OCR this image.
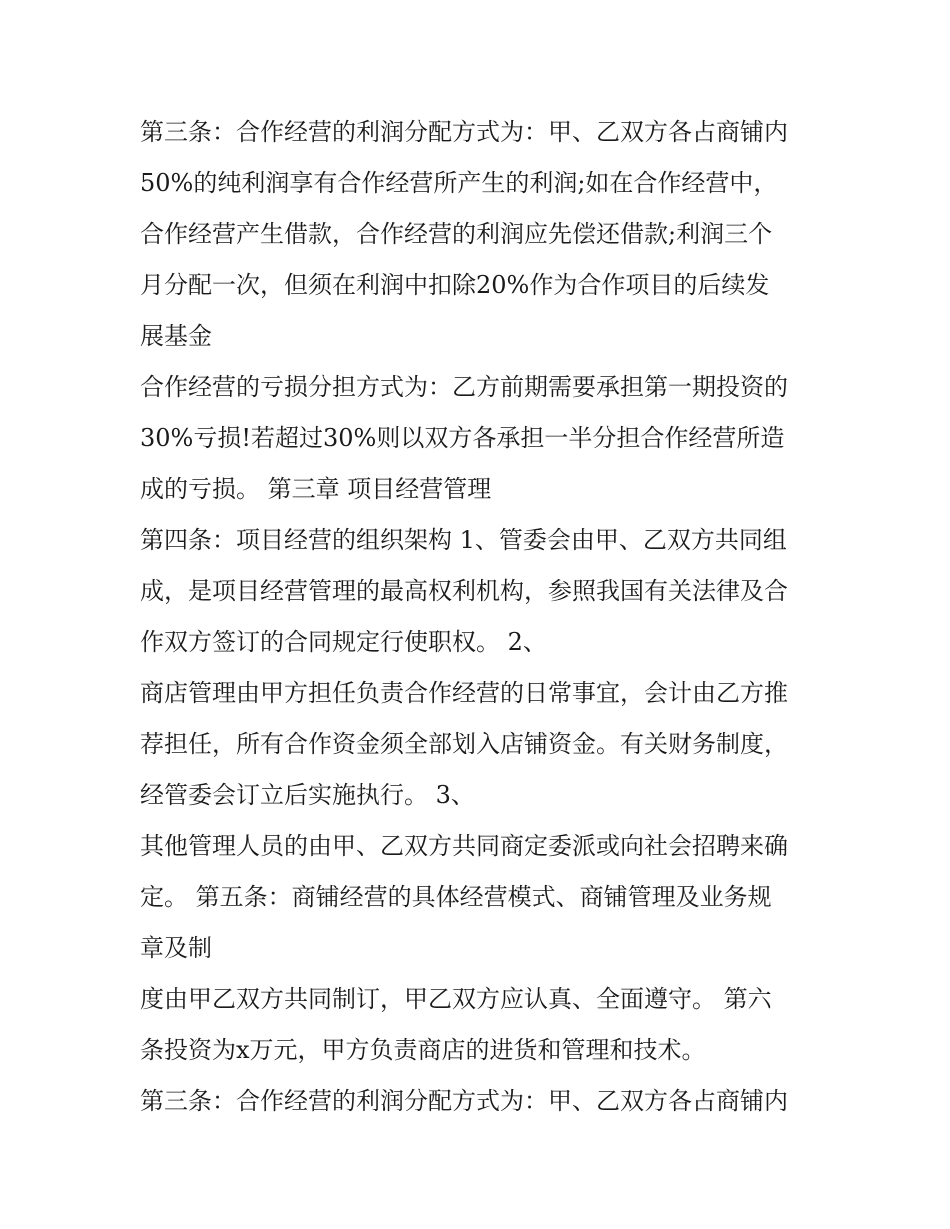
第三条：合作经营的利润分配方式为：甲、乙双方各占商铺内
50%的纯利润享有合作经营所产生的利润;如在合作经营中，
合作经营产生借款，合作经营的利润应先偿还借款;利润三个
月分配一次，但须在利润中扣除20%作为合作项目的后续发
展基金
合作经营的亏损分担方式为：乙方前期需要承担第一期投资的
30%亏损!若超过30%则以双方各承担一半分担合作经营所造
成的亏损。 第三章 项目经营管理
第四条：项目经营的组织架构 1、管委会由甲、乙双方共同组
成，是项目经营管理的最高权利机构，参照我国有关法律及合
作双方签订的合同规定行使职权。 2、
商店管理由甲方担任负责合作经营的日常事宜，会计由乙方推
荐担任，所有合作资金须全部划入店铺资金。有关财务制度，
经管委会订立后实施执行。 3、
其他管理人员的由甲、乙双方共同商定委派或向社会招聘来确
定。 第五条：商铺经营的具体经营模式、商铺管理及业务规
章及制
度由甲乙双方共同制订，甲乙双方应认真、全面遵守。 第六
条投资为x万元，甲方负责商店的进货和管理和技术。
第三条：合作经营的利润分配方式为：甲、乙双方各占商铺内
